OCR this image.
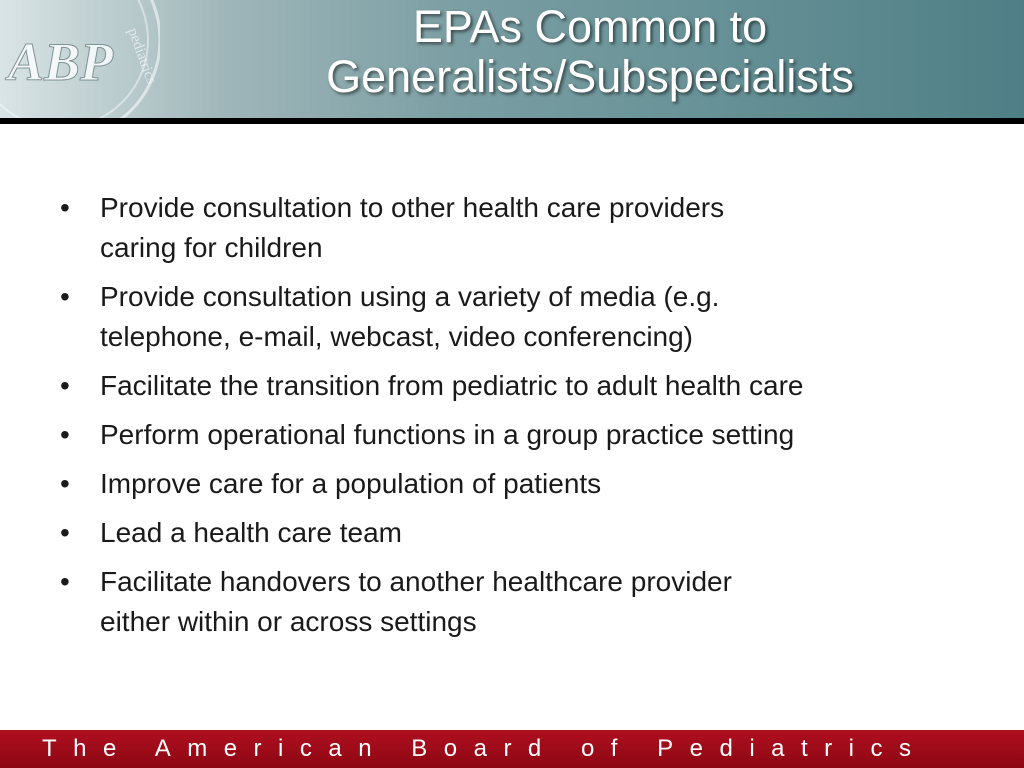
pediatrics
ABP
EPAs Common to
Generalists/Subspecialists
• Provide consultation to other health care providers
caring for children
• Provide consultation using a variety of media (e.g.
telephone, e-mail, webcast, video conferencing)
• Facilitate the transition from pediatric to adult health care
• Perform operational functions in a group practice setting
• Improve care for a population of patients
• Lead a health care team
• Facilitate handovers to another healthcare provider
either within or across settings
The American Board of Pediatrics
